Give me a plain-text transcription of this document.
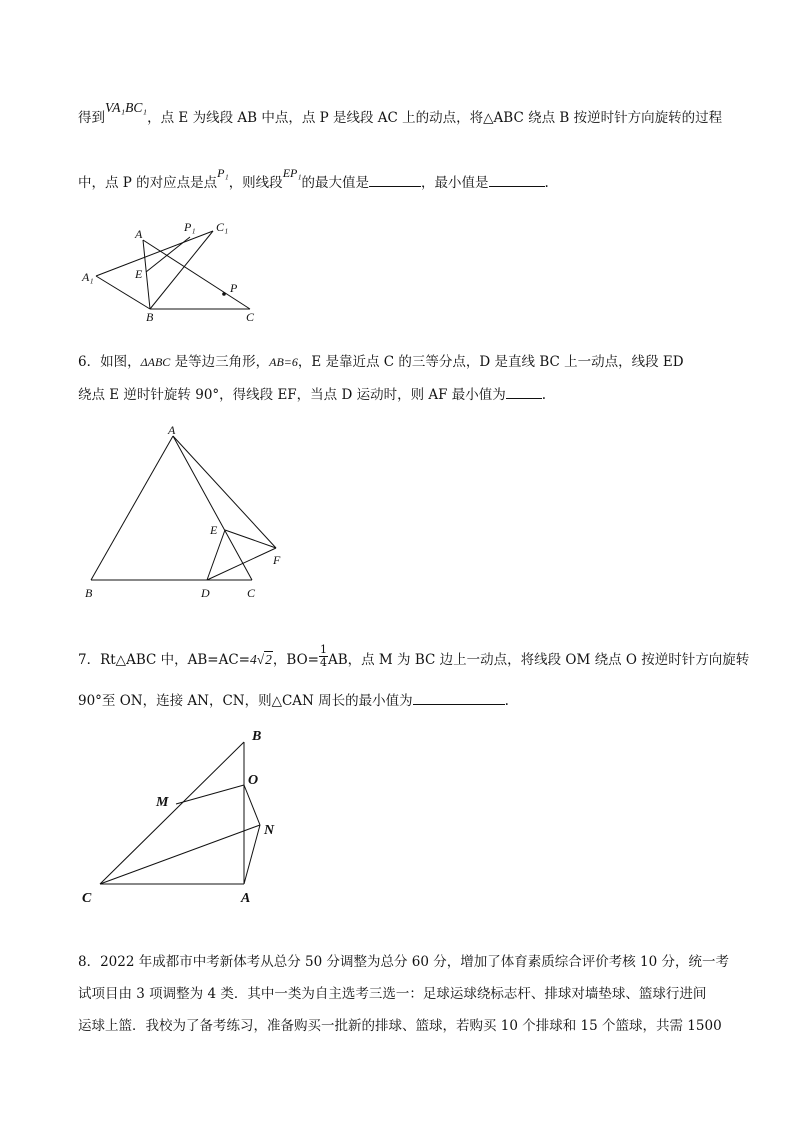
得到VA₁BC₁，点 E 为线段 AB 中点，点 P 是线段 AC 上的动点，将△ABC 绕点 B 按逆时针方向旋转的过程
中，点 P 的对应点是点P₁，则线段EP₁的最大值是	，最小值是	.
A	P₁ C₁
A₁	E
P
B	C
6．如图，ΔABC 是等边三角形，AB=6，E 是靠近点 C 的三等分点，D 是直线 BC 上一动点，线段 ED
绕点 E 逆时针旋转 90°，得线段 EF，当点 D 运动时，则 AF 最小值为	.
A
E
F
B	D	C
7．Rt△ABC 中，AB=AC=4√2，$BO= \frac{1}{4}$ AB，点 M 为 BC 边上一动点，将线段 OM 绕点 O 按逆时针方向旋转
90°至 ON，连接 AN，CN，则△CAN 周长的最小值为	.
B
O
M
N
C	A
8．2022 年成都市中考新体考从总分 50 分调整为总分 60 分，增加了体育素质综合评价考核 10 分，统一考
试项目由 3 项调整为 4 类．其中一类为自主选考三选一：足球运球绕标志杆、排球对墙垫球、篮球行进间
运球上篮．我校为了备考练习，准备购买一批新的排球、篮球，若购买 10 个排球和 15 个篮球，共需 1500
